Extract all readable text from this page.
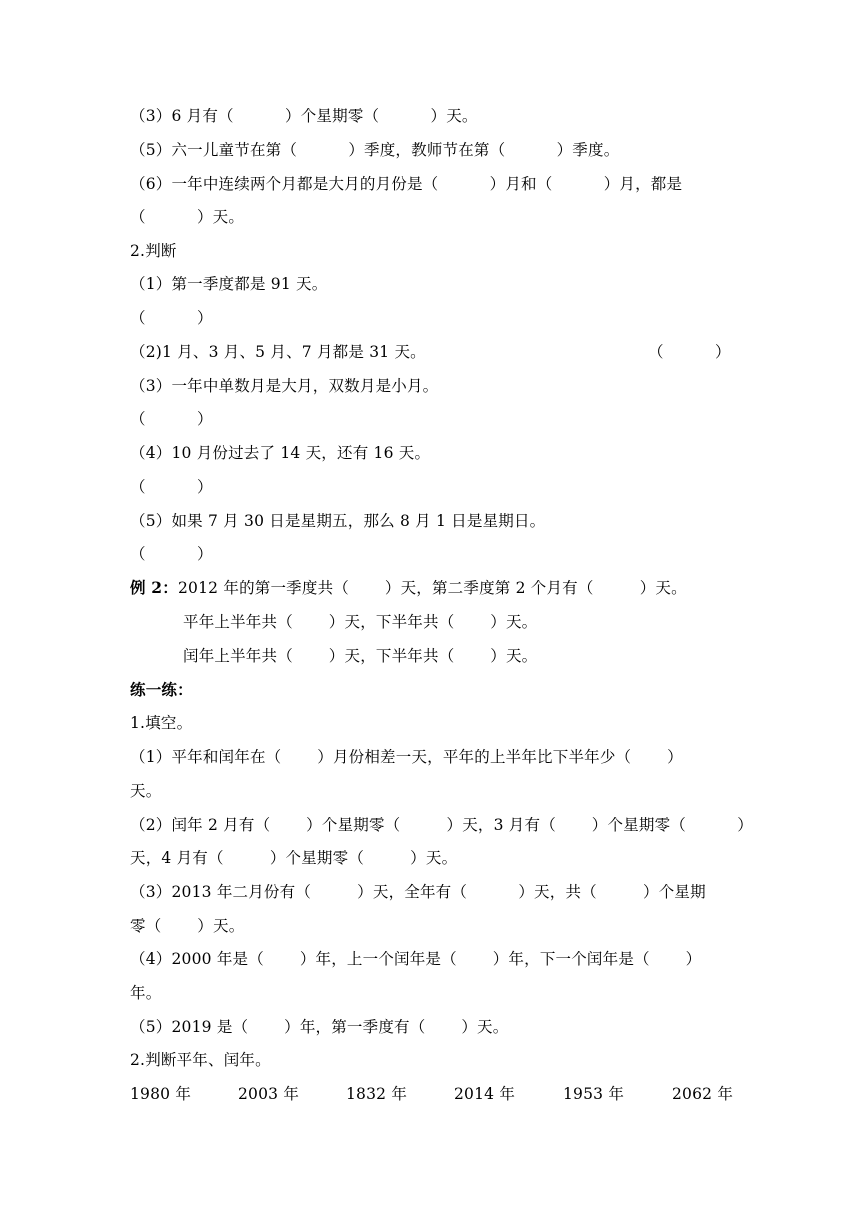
（3）6 月有（          ）个星期零（          ）天。
（5）六一儿童节在第（          ）季度，教师节在第（          ）季度。
（6）一年中连续两个月都是大月的月份是（          ）月和（          ）月，都是
（          ）天。
2.判断
（1）第一季度都是 91 天。
（          ）
（2)1 月、3 月、5 月、7 月都是 31 天。	（          ）
（3）一年中单数月是大月，双数月是小月。
（          ）
（4）10 月份过去了 14 天，还有 16 天。
（          ）
（5）如果 7 月 30 日是星期五，那么 8 月 1 日是星期日。
（          ）
例 2： 2012 年的第一季度共（       ）天，第二季度第 2 个月有（         ）天。
平年上半年共（       ）天，下半年共（       ）天。
闰年上半年共（       ）天，下半年共（       ）天。
练一练：
1.填空。
（1）平年和闰年在（       ）月份相差一天，平年的上半年比下半年少（       ）
天。
（2）闰年 2 月有（       ）个星期零（         ）天，3 月有（       ）个星期零（          ）
天，4 月有（         ）个星期零（         ）天。
（3）2013 年二月份有（         ）天，全年有（          ）天，共（         ）个星期
零（       ）天。
（4）2000 年是（       ）年，上一个闰年是（       ）年，下一个闰年是（       ）
年。
（5）2019 是（       ）年，第一季度有（       ）天。
2.判断平年、闰年。
1980 年	2003 年	1832 年	2014 年	1953 年	2062 年
